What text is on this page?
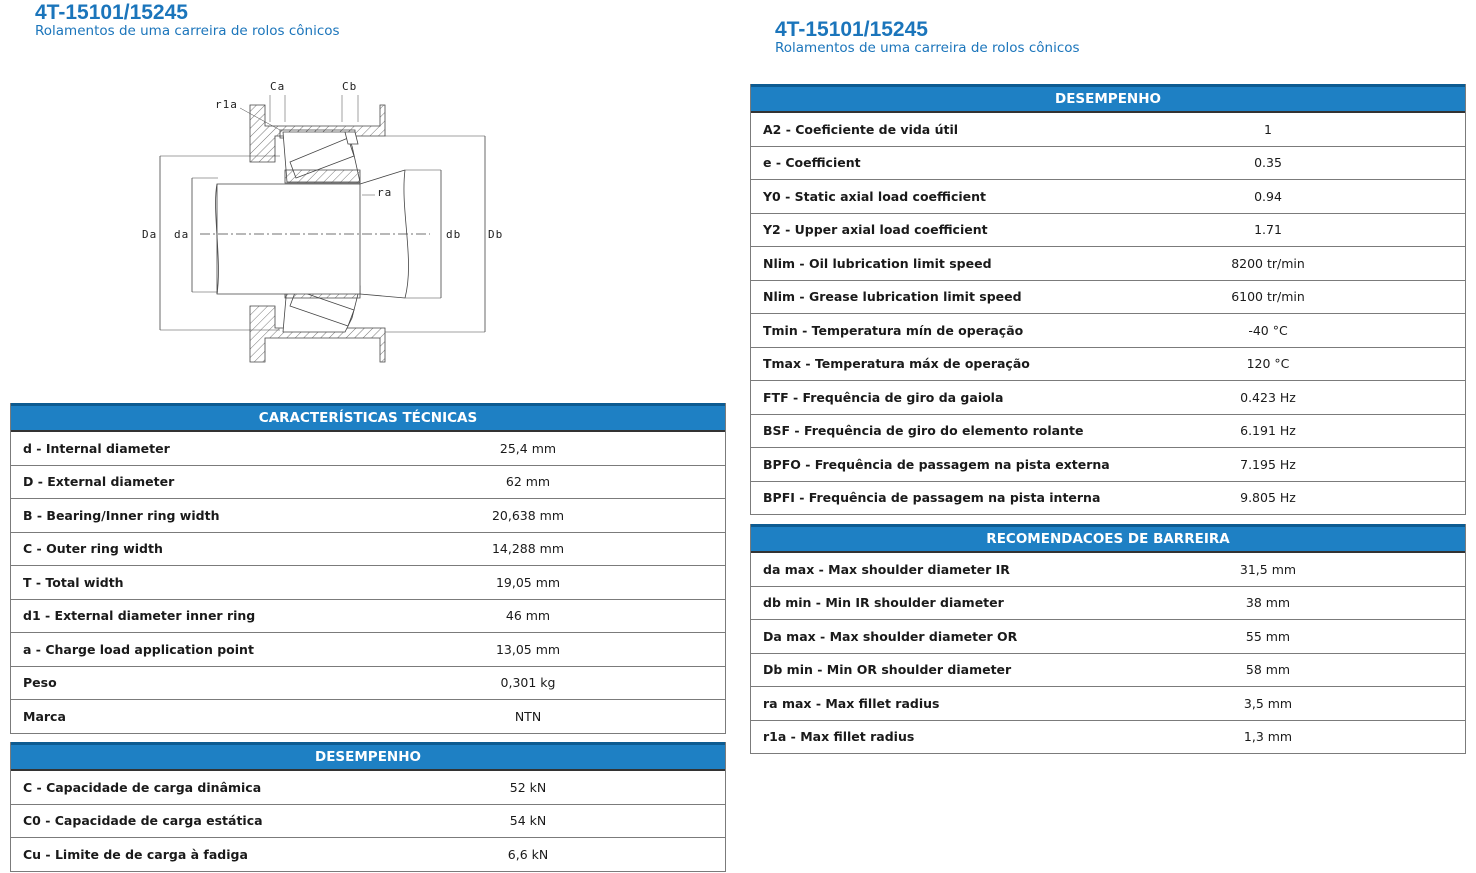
4T-15101/15245
Rolamentos de uma carreira de rolos cônicos	4T-15101/15245
Rolamentos de uma carreira de rolos cônicos
Ca	Cb
r1a
ra
Da da	db Db
CARACTERÍSTICAS TÉCNICAS
d - Internal diameter	25,4 mm
D - External diameter	62 mm
B - Bearing/Inner ring width	20,638 mm
C - Outer ring width	14,288 mm
T - Total width	19,05 mm
d1 - External diameter inner ring	46 mm
a - Charge load application point	13,05 mm
Peso	0,301 kg
Marca	NTN
DESEMPENHO
C - Capacidade de carga dinâmica	52 kN
C0 - Capacidade de carga estática	54 kN
Cu - Limite de de carga à fadiga	6,6 kN
DESEMPENHO
A2 - Coeficiente de vida útil	1
e - Coefficient	0.35
Y0 - Static axial load coefficient	0.94
Y2 - Upper axial load coefficient	1.71
Nlim - Oil lubrication limit speed	8200 tr/min
Nlim - Grease lubrication limit speed	6100 tr/min
Tmin - Temperatura mín de operação	-40 °C
Tmax - Temperatura máx de operação	120 °C
FTF - Frequência de giro da gaiola	0.423 Hz
BSF - Frequência de giro do elemento rolante	6.191 Hz
BPFO - Frequência de passagem na pista externa	7.195 Hz
BPFI - Frequência de passagem na pista interna	9.805 Hz
RECOMENDACOES DE BARREIRA
da max - Max shoulder diameter IR	31,5 mm
db min - Min IR shoulder diameter	38 mm
Da max - Max shoulder diameter OR	55 mm
Db min - Min OR shoulder diameter	58 mm
ra max - Max fillet radius	3,5 mm
r1a - Max fillet radius	1,3 mm
